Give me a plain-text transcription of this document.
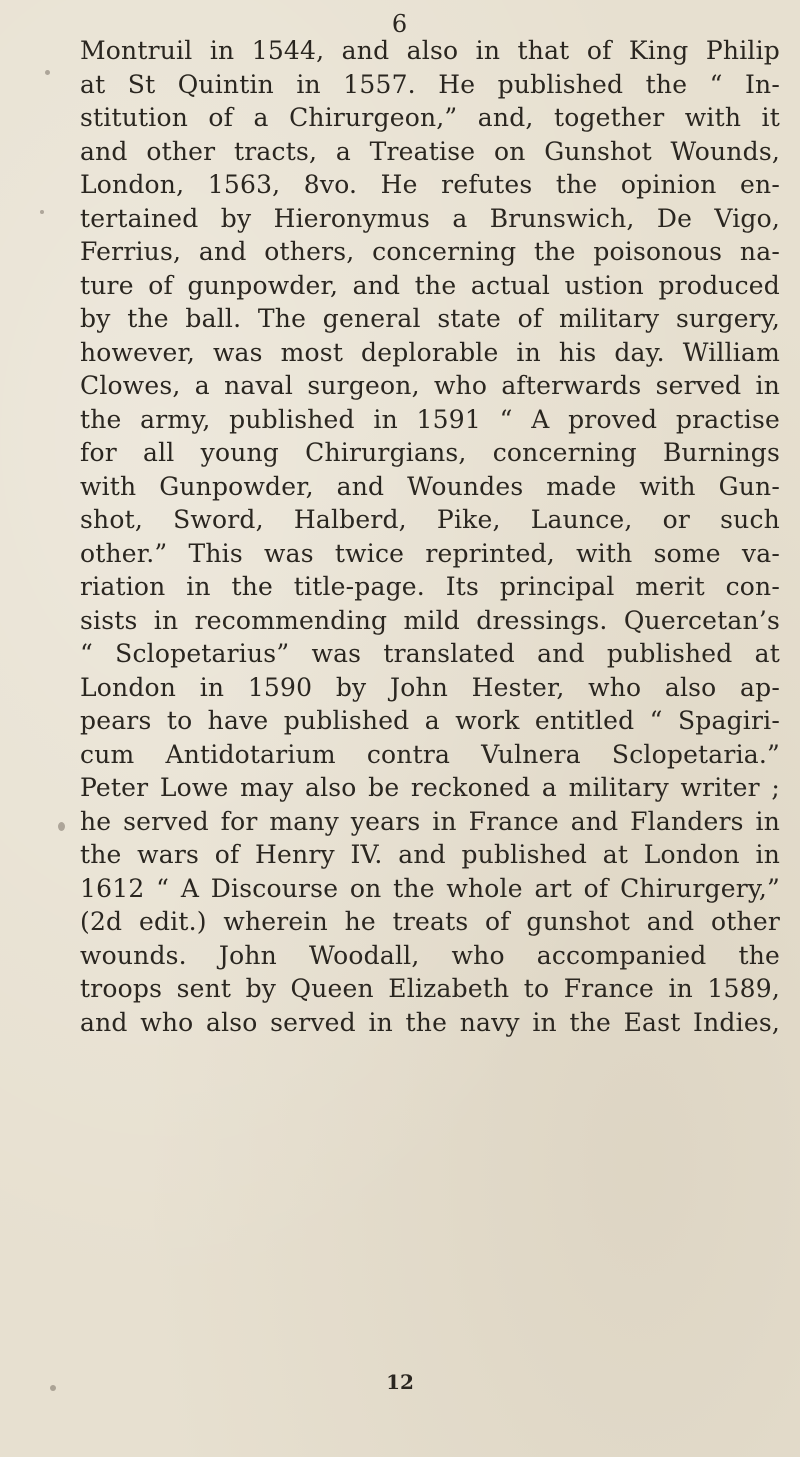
6
Montruil in 1544, and also in that of King Philip
at St Quintin in 1557. He published the “ In-
stitution of a Chirurgeon,” and, together with it
and other tracts, a Treatise on Gunshot Wounds,
London, 1563, 8vo. He refutes the opinion en-
tertained by Hieronymus a Brunswich, De Vigo,
Ferrius, and others, concerning the poisonous na-
ture of gunpowder, and the actual ustion produced
by the ball. The general state of military surgery,
however, was most deplorable in his day. William
Clowes, a naval surgeon, who afterwards served in
the army, published in 1591 “ A proved practise
for all young Chirurgians, concerning Burnings
with Gunpowder, and Woundes made with Gun-
shot, Sword, Halberd, Pike, Launce, or such
other.” This was twice reprinted, with some va-
riation in the title-page. Its principal merit con-
sists in recommending mild dressings. Quercetan’s
“ Sclopetarius” was translated and published at
London in 1590 by John Hester, who also ap-
pears to have published a work entitled “ Spagiri-
cum Antidotarium contra Vulnera Sclopetaria.”
Peter Lowe may also be reckoned a military writer ;
he served for many years in France and Flanders in
the wars of Henry IV. and published at London in
1612 “ A Discourse on the whole art of Chirurgery,”
(2d edit.) wherein he treats of gunshot and other
wounds. John Woodall, who accompanied the
troops sent by Queen Elizabeth to France in 1589,
and who also served in the navy in the East Indies,
12
